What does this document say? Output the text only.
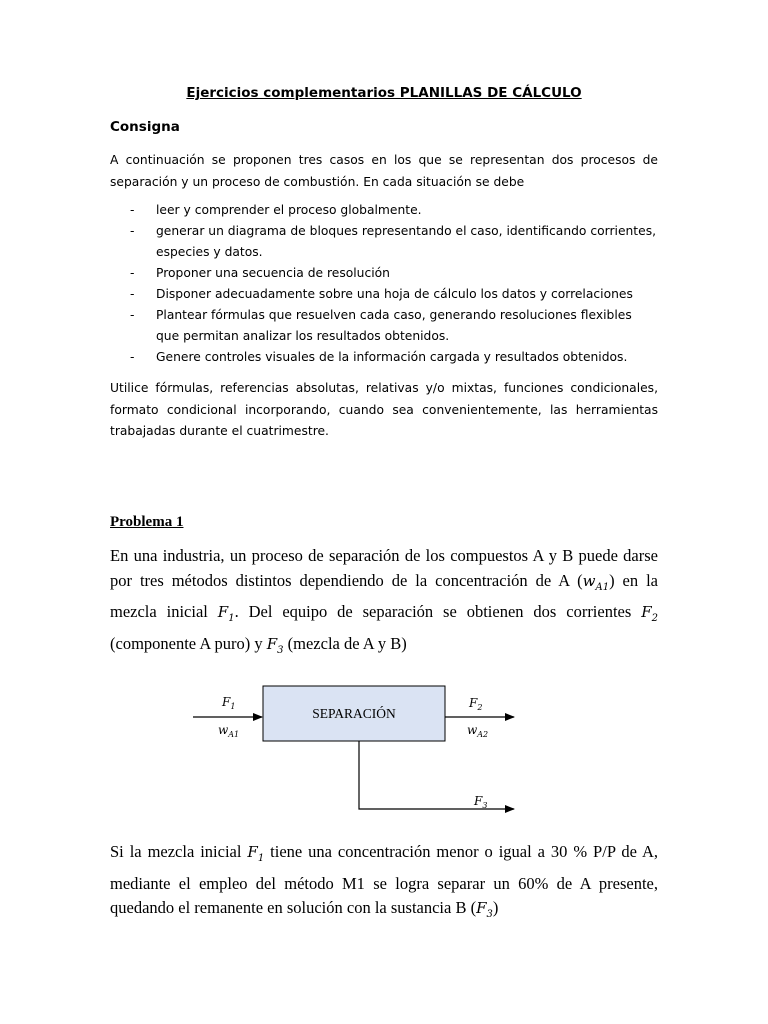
Ejercicios complementarios PLANILLAS DE CÁLCULO
Consigna

A continuación se proponen tres casos en los que se representan dos procesos de separación y un proceso de combustión. En cada situación se debe

- leer y comprender el proceso globalmente.
- generar un diagrama de bloques representando el caso, identificando corrientes, especies y datos.
- Proponer una secuencia de resolución
- Disponer adecuadamente sobre una hoja de cálculo los datos y correlaciones
- Plantear fórmulas que resuelven cada caso, generando resoluciones flexibles que permitan analizar los resultados obtenidos.
- Genere controles visuales de la información cargada y resultados obtenidos.

Utilice fórmulas, referencias absolutas, relativas y/o mixtas, funciones condicionales, formato condicional incorporando, cuando sea convenientemente, las herramientas trabajadas durante el cuatrimestre.

Problema 1

En una industria, un proceso de separación de los compuestos A y B puede darse por tres métodos distintos dependiendo de la concentración de A $(w_{A1})$ en la mezcla inicial $F_1$. Del equipo de separación se obtienen dos corrientes $F_2$ (componente A puro) y $F_3$ (mezcla de A y B)

SEPARACIÓN
F1
wA1
F2
wA2
F3

Si la mezcla inicial $F_1$ tiene una concentración menor o igual a 30 % P/P de A, mediante el empleo del método M1 se logra separar un 60% de A presente, quedando el remanente en solución con la sustancia B $(F_3)$
